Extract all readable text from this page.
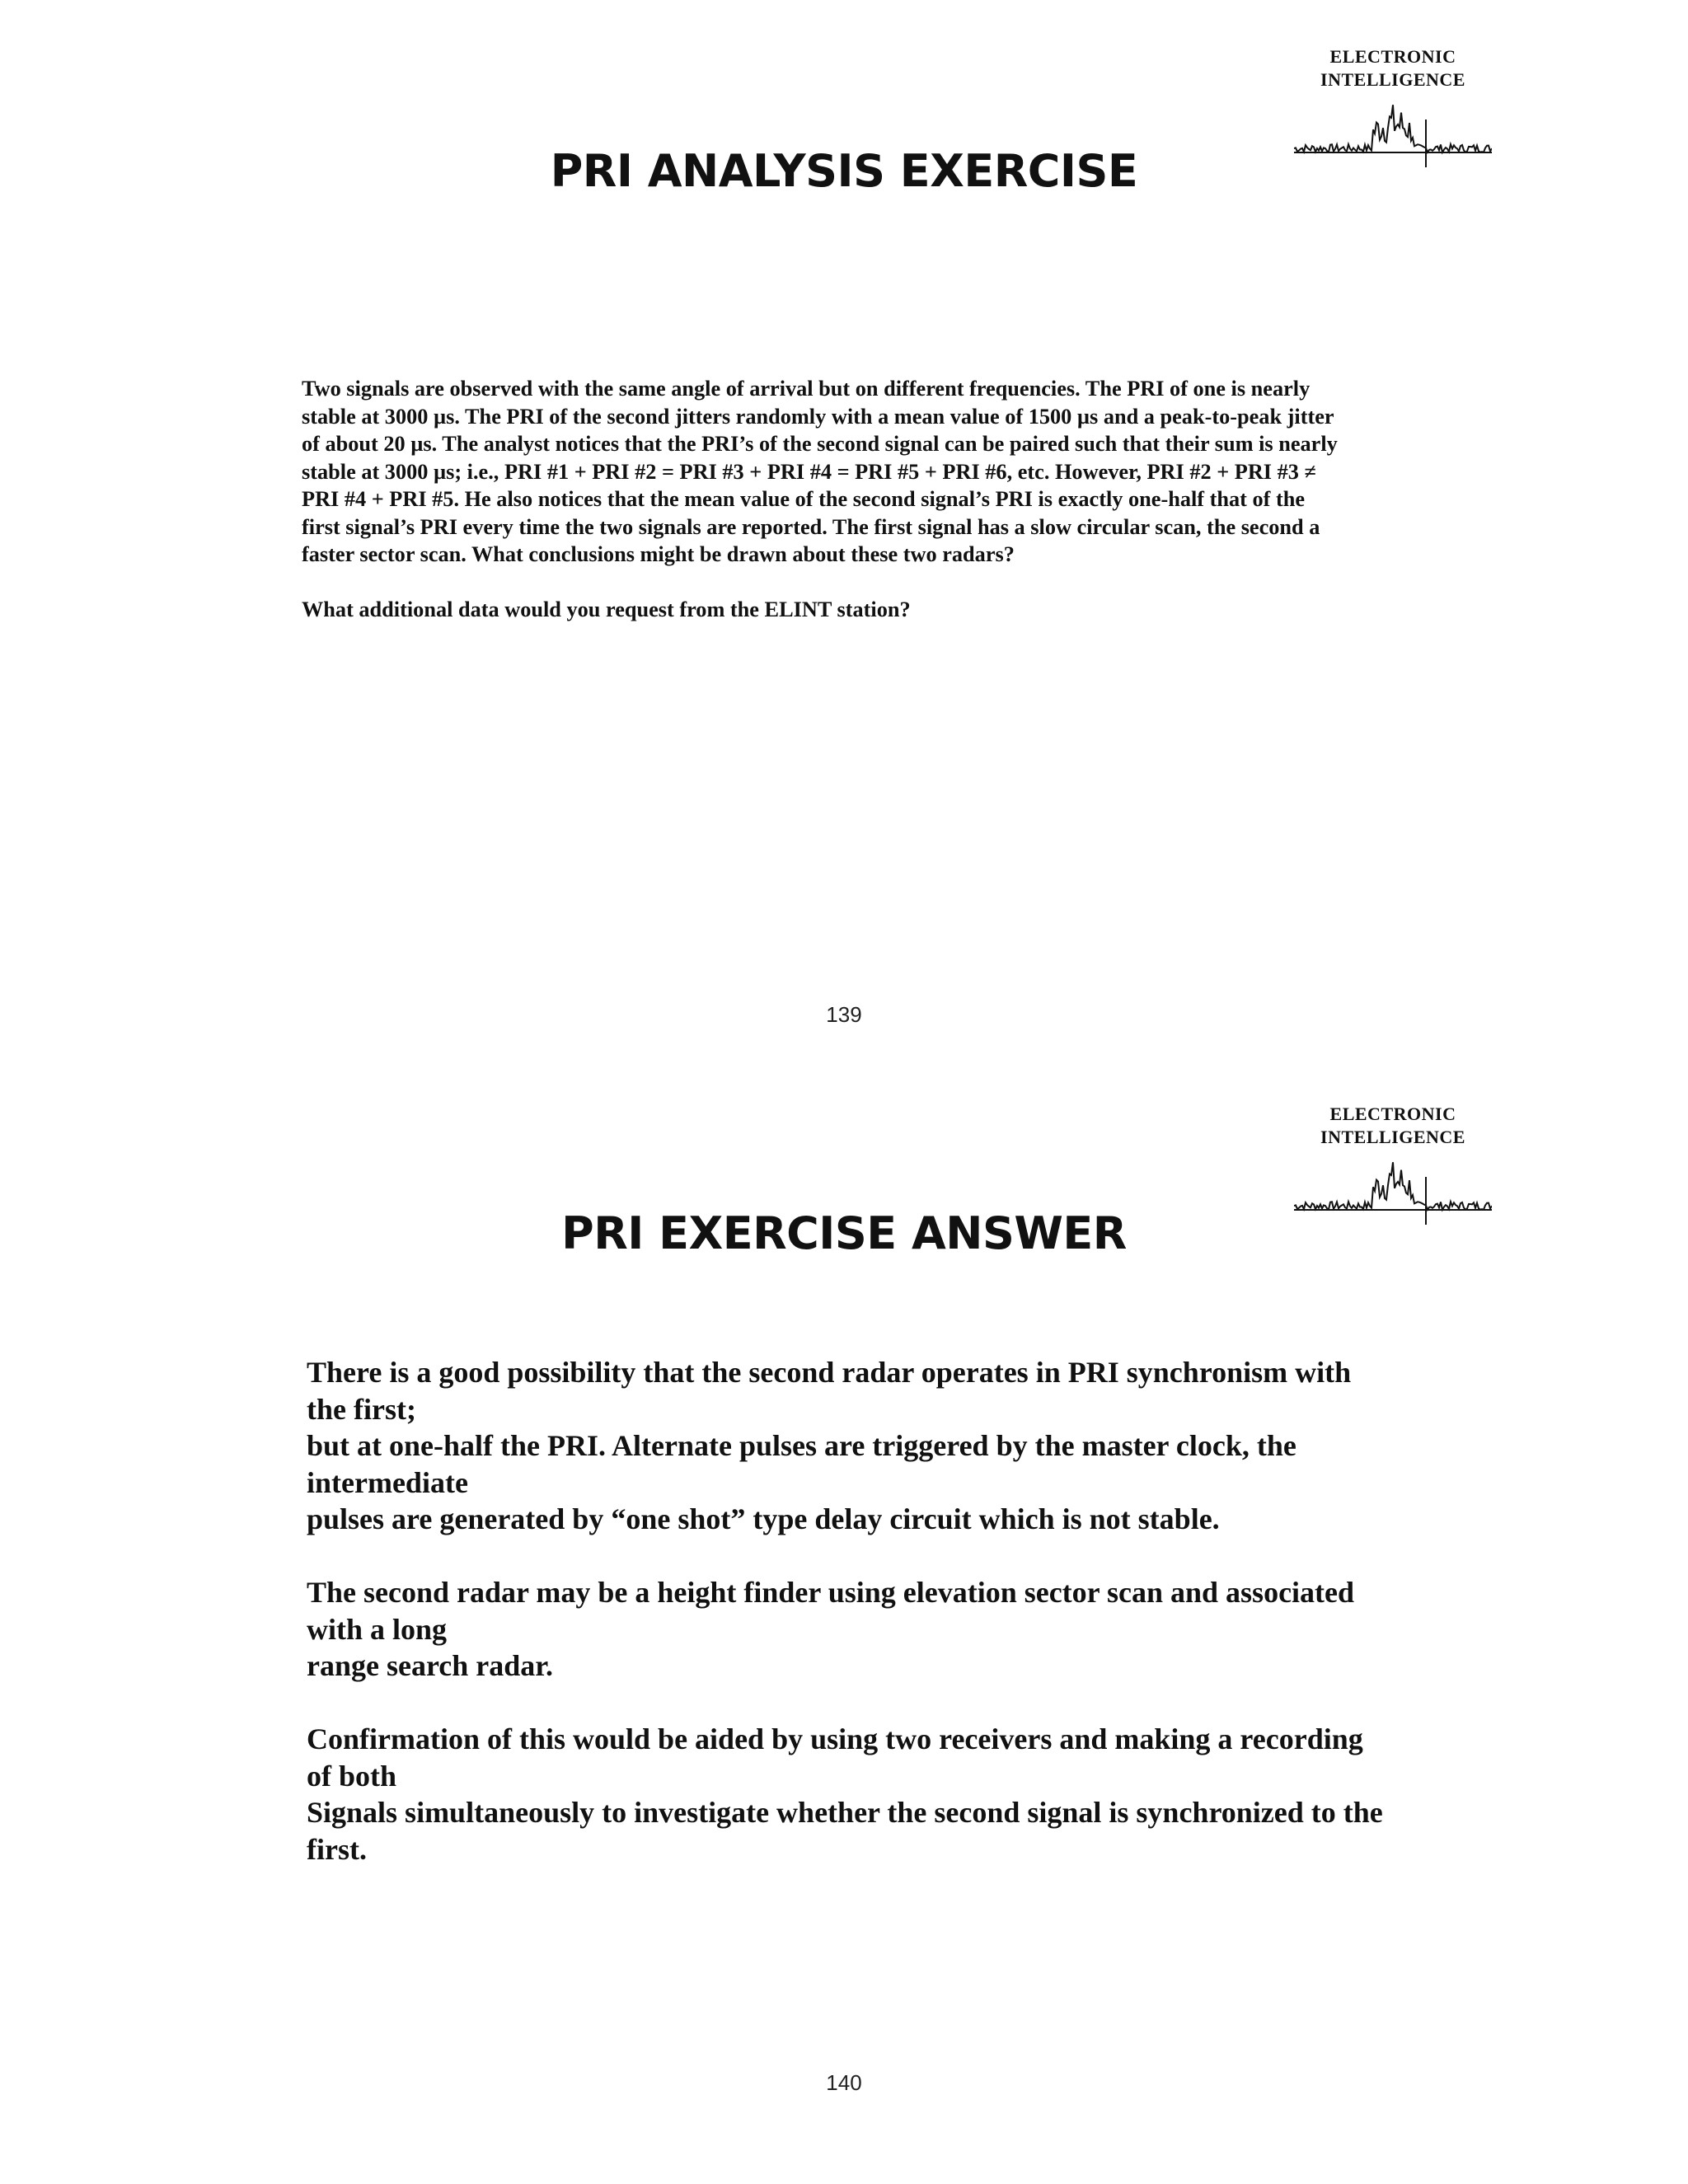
ELECTRONIC
INTELLIGENCE
PRI ANALYSIS EXERCISE
Two signals are observed with the same angle of arrival but on different frequencies. The PRI of one is nearly
stable at 3000 µs. The PRI of the second jitters randomly with a mean value of 1500 µs and a peak-to-peak jitter
of about 20 µs. The analyst notices that the PRI’s of the second signal can be paired such that their sum is nearly
stable at 3000 µs; i.e., PRI #1 + PRI #2 = PRI #3 + PRI #4 = PRI #5 + PRI #6, etc. However, PRI #2 + PRI #3 ≠
PRI #4 + PRI #5. He also notices that the mean value of the second signal’s PRI is exactly one-half that of the
first signal’s PRI every time the two signals are reported. The first signal has a slow circular scan, the second a
faster sector scan. What conclusions might be drawn about these two radars?
What additional data would you request from the ELINT station?
139
ELECTRONIC
INTELLIGENCE
PRI EXERCISE ANSWER
There is a good possibility that the second radar operates in PRI synchronism with
the first;
but at one-half the PRI. Alternate pulses are triggered by the master clock, the
intermediate
pulses are generated by “one shot” type delay circuit which is not stable.
The second radar may be a height finder using elevation sector scan and associated
with a long
range search radar.
Confirmation of this would be aided by using two receivers and making a recording
of both
Signals simultaneously to investigate whether the second signal is synchronized to the
first.
140
